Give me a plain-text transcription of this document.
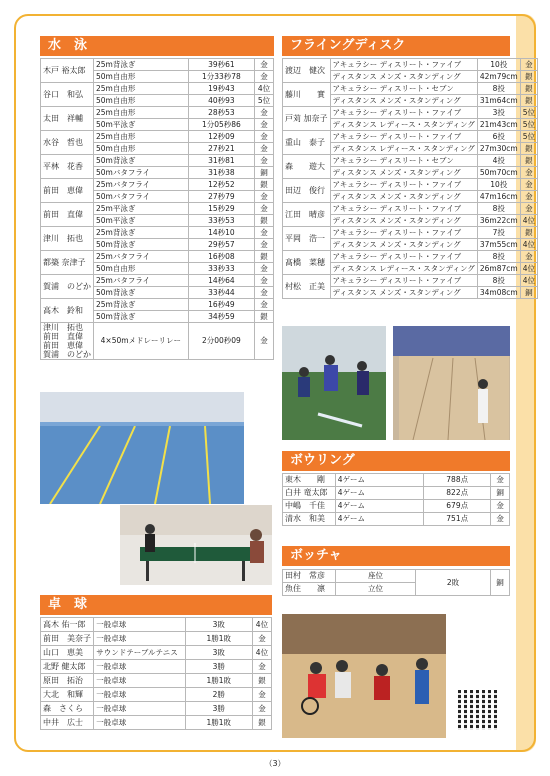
水　泳
木戸 裕太郎	25m背泳ぎ	39秒61	金
	50m自由形	1分33秒78	金
谷口　和弘	25m自由形	19秒43	4位
	50m自由形	40秒93	5位
太田　祥輔	25m自由形	28秒53	金
	50m平泳ぎ	1分05秒86	金
水谷　哲也	25m自由形	12秒09	金
	50m自由形	27秒21	金
平林　花香	50m背泳ぎ	31秒81	金
	50mバタフライ	31秒38	銅
前田　恵偉	25mバタフライ	12秒52	銀
	50mバタフライ	27秒79	金
前田　直偉	25m平泳ぎ	15秒29	金
	50m平泳ぎ	33秒53	銀
津川　拓也	25m背泳ぎ	14秒10	金
	50m背泳ぎ	29秒57	金
都築 奈津子	25mバタフライ	16秒08	銀
	50m自由形	33秒33	金
賀浦　のどか	25mバタフライ	14秒64	金
	50m背泳ぎ	33秒44	金
高木　鈴和	25m背泳ぎ	16秒49	金
	50m背泳ぎ	34秒59	銀

津川　拓也
前田　直偉
前田　恵偉
賀浦　のどか	4×50mメドレーリレー	2分00秒09	金
フライングディスク
渡辺　健次	アキュラシー ディスリート・ファイブ	10投	金
	ディスタンス メンズ・スタンディング	42m79cm	銀
藤川　　實	アキュラシー ディスリート・セブン	8投	銀
	ディスタンス メンズ・スタンディング	31m64cm	銀
戸苅 加奈子	アキュラシー ディスリート・ファイブ	3投	5位
	ディスタンス レディース・スタンディング	21m43cm	5位
重山　泰子	アキュラシー ディスリート・ファイブ	6投	5位
	ディスタンス レディース・スタンディング	27m30cm	銀
森　　遊大	アキュラシー ディスリート・セブン	4投	銀
	ディスタンス メンズ・スタンディング	50m70cm	金
田辺　俊行	アキュラシー ディスリート・ファイブ	10投	金
	ディスタンス メンズ・スタンディング	47m16cm	金
江田　晴彦	アキュラシー ディスリート・ファイブ	8投	金
	ディスタンス メンズ・スタンディング	36m22cm	4位
平岡　浩一	アキュラシー ディスリート・ファイブ	7投	銀
	ディスタンス メンズ・スタンディング	37m55cm	4位
髙橋　菜穂	アキュラシー ディスリート・ファイブ	8投	金
	ディスタンス レディース・スタンディング	26m87cm	4位
村松　正美	アキュラシー ディスリート・ファイブ	8投	4位
	ディスタンス メンズ・スタンディング	34m08cm	銅
ボウリング
東木　　剛	4ゲーム	788点	金
白井 竜太郎	4ゲーム	822点	銅
中嶋　千佳	4ゲーム	679点	金
清水　和美	4ゲーム	751点	金
ボッチャ
田村　常彦	座位	2敗	銅
魚住　　凛	立位		
卓　球
高木 佑一郎	一般卓球	3敗	4位
前田　美奈子	一般卓球	1勝1敗	金
山口　恵美	サウンドテーブルテニス	3敗	4位
北野 健太郎	一般卓球	3勝	金
原田　拓治	一般卓球	1勝1敗	銀
大北　和輝	一般卓球	2勝	金
森　さくら	一般卓球	3勝	金
中井　広士	一般卓球	1勝1敗	銀
（3）
